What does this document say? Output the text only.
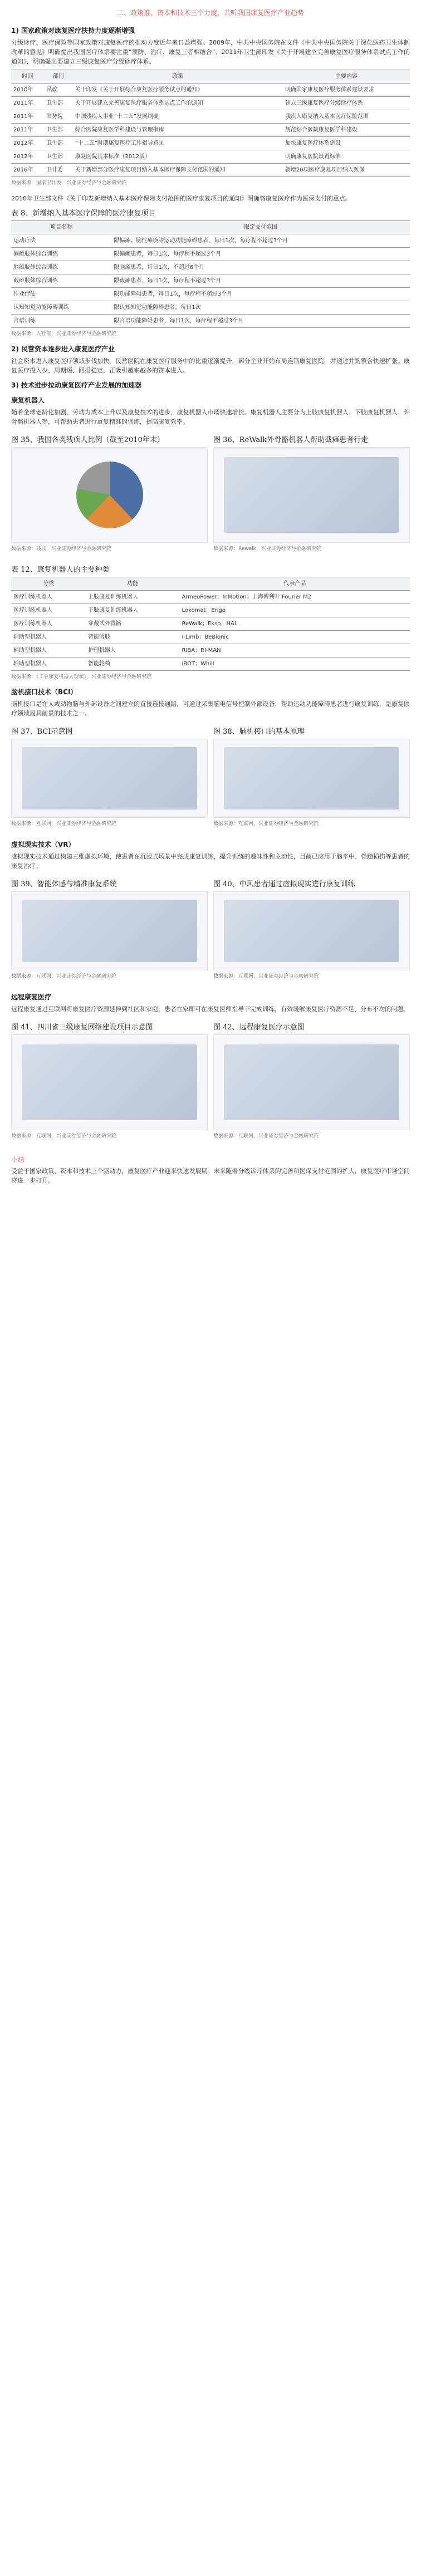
二、政策推、资本和技术三个力度，共听我国康复医疗产业趋势
1) 国家政策对康复医疗扶持力度逐渐增强

分级诊疗、医疗保险等国家政策对康复医疗的推动力度近年来日益增强。2009年，中共中央国务院在文件《中共中央国务院关于深化医药卫生体制改革的意见》明确提出我国医疗体系要注重“预防、治疗、康复三者相结合”；2011年卫生部印发《关于开展建立完善康复医疗服务体系试点工作的通知》，明确提出要建立三级康复医疗分级诊疗体系。

时间	部门	政策	主要内容
2010年	民政	关于印发《关于开展综合康复医疗服务试点的通知》	明确国家康复医疗服务体系建设要求
2011年	卫生部	关于开展建立完善康复医疗服务体系试点工作的通知	建立三级康复医疗分级诊疗体系
2011年	国务院	中国残疾人事业“十二五”发展纲要	残疾人康复纳入基本医疗保险范围
2011年	卫生部	综合医院康复医学科建设与管理指南	规范综合医院康复医学科建设
2012年	卫生部	“十二五”时期康复医疗工作指导意见	加快康复医疗体系建设
2012年	卫生部	康复医院基本标准（2012版）	明确康复医院设置标准
2016年	卫计委	关于新增部分医疗康复项目纳入基本医疗保障支付范围的通知	新增20项医疗康复项目纳入医保
数据来源：国家卫计委，兴业证券经济与金融研究院

2016年卫生部文件《关于印发新增纳入基本医疗保障支付范围的医疗康复项目的通知》明确将康复医疗作为医保支付的重点。

表 8、新增纳入基本医疗保障的医疗康复项目
项目名称	限定支付范围
运动疗法	限偏瘫、脑性瘫痪等运动功能障碍患者，每日1次，每疗程不超过3个月
偏瘫肢体综合训练	限偏瘫患者，每日1次，每疗程不超过3个月
脑瘫肢体综合训练	限脑瘫患者，每日1次，不超过6个月
截瘫肢体综合训练	限截瘫患者，每日1次，每疗程不超过3个月
作业疗法	限功能障碍患者，每日1次，每疗程不超过3个月
认知知觉功能障碍训练	限认知知觉功能障碍患者，每日1次
言语训练	限言语功能障碍患者，每日1次，每疗程不超过3个月
数据来源：人社部，兴业证券经济与金融研究院
2) 民营资本逐步进入康复医疗产业

社会资本进入康复医疗领域步伐加快。民营医院在康复医疗服务中的比重逐渐提升，部分企业开始布局连锁康复医院，并通过并购整合快速扩张。康复医疗投入少、周期短、回报稳定，正吸引越来越多的资本进入。

3) 技术进步拉动康复医疗产业发展的加速器
康复机器人

随着全球老龄化加剧、劳动力成本上升以及康复技术的进步，康复机器人市场快速增长。康复机器人主要分为上肢康复机器人、下肢康复机器人、外骨骼机器人等，可帮助患者进行重复精准的训练，提高康复效率。

图 35、我国各类残疾人比例（截至2010年末）
数据来源：残联，兴业证券经济与金融研究院
图 36、ReWalk外骨骼机器人帮助截瘫患者行走
数据来源：Rewalk，兴业证券经济与金融研究院
表 12、康复机器人的主要种类
分类	功能	代表产品
医疗训练机器人	上肢康复训练机器人	ArmeoPower；InMotion；上海傅利叶 Fourier M2
医疗训练机器人	下肢康复训练机器人	Lokomat；Erigo
医疗训练机器人	穿戴式外骨骼	ReWalk；Ekso；HAL
辅助型机器人	智能假肢	i-Limb；BeBionic
辅助型机器人	护理机器人	RIBA；RI-MAN
辅助型机器人	智能轮椅	iBOT；Whill
数据来源：《工业康复机器人现状》，兴业证券经济与金融研究院
脑机接口技术（BCI）

脑机接口是在人或动物脑与外部设备之间建立的直接连接通路，可通过采集脑电信号控制外部设备，帮助运动功能障碍患者进行康复训练，是康复医疗领域最具前景的技术之一。

图 37、BCI示意图
数据来源：互联网，兴业证券经济与金融研究院
图 38、脑机接口的基本原理
数据来源：互联网，兴业证券经济与金融研究院
虚拟现实技术（VR）

虚拟现实技术通过构建三维虚拟环境，使患者在沉浸式场景中完成康复训练，提升训练的趣味性和主动性，目前已应用于脑卒中、脊髓损伤等患者的康复治疗。

图 39、智能体感与精准康复系统
数据来源：互联网，兴业证券经济与金融研究院
图 40、中风患者通过虚拟现实进行康复训练
数据来源：互联网，兴业证券经济与金融研究院
远程康复医疗

远程康复通过互联网将康复医疗资源延伸到社区和家庭，患者在家即可在康复医师指导下完成训练，有效缓解康复医疗资源不足、分布不均的问题。

图 41、四川省三级康复网络建设项目示意图
数据来源：互联网，兴业证券经济与金融研究院
图 42、远程康复医疗示意图
数据来源：互联网，兴业证券经济与金融研究院
小结

受益于国家政策、资本和技术三个驱动力，康复医疗产业迎来快速发展期。未来随着分级诊疗体系的完善和医保支付范围的扩大，康复医疗市场空间将进一步打开。
